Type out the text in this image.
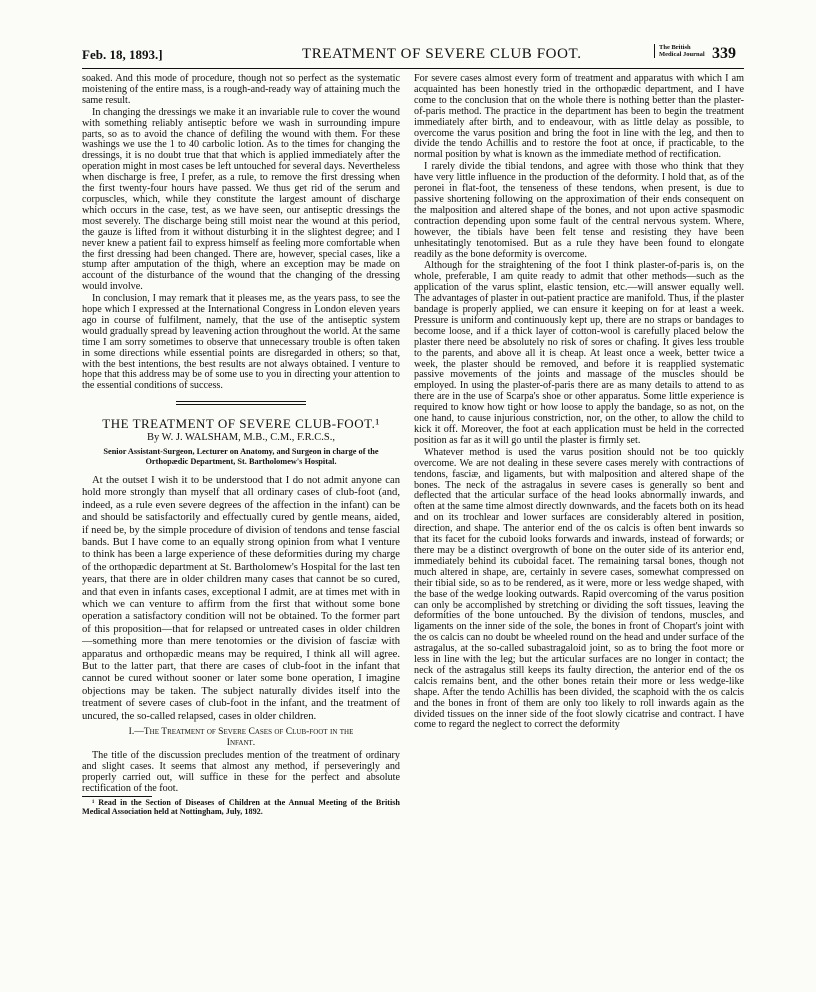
Feb. 18, 1893.]	TREATMENT OF SEVERE CLUB FOOT.	The British
Medical Journal 339

soaked. And this mode of procedure, though not so perfect as the systematic moistening of the entire mass, is a rough-and-ready way of attaining much the same result.

In changing the dressings we make it an invariable rule to cover the wound with something reliably antiseptic before we wash in surrounding impure parts, so as to avoid the chance of defiling the wound with them. For these washings we use the 1 to 40 carbolic lotion. As to the times for changing the dressings, it is no doubt true that that which is applied immediately after the operation might in most cases be left untouched for several days. Nevertheless when discharge is free, I prefer, as a rule, to remove the first dressing when the first twenty-four hours have passed. We thus get rid of the serum and corpuscles, which, while they constitute the largest amount of discharge which occurs in the case, test, as we have seen, our antiseptic dressings the most severely. The discharge being still moist near the wound at this period, the gauze is lifted from it without disturbing it in the slightest degree; and I never knew a patient fail to express himself as feeling more comfortable when the first dressing had been changed. There are, however, special cases, like a stump after amputation of the thigh, where an exception may be made on account of the disturbance of the wound that the changing of the dressing would involve.

In conclusion, I may remark that it pleases me, as the years pass, to see the hope which I expressed at the International Congress in London eleven years ago in course of fulfilment, namely, that the use of the antiseptic system would gradually spread by leavening action throughout the world. At the same time I am sorry sometimes to observe that unnecessary trouble is often taken in some directions while essential points are disregarded in others; so that, with the best intentions, the best results are not always obtained. I venture to hope that this address may be of some use to you in directing your attention to the essential conditions of success.

THE TREATMENT OF SEVERE CLUB-FOOT.¹
By W. J. WALSHAM, M.B., C.M., F.R.C.S.,
Senior Assistant-Surgeon, Lecturer on Anatomy, and Surgeon in charge of the Orthopædic Department, St. Bartholomew's Hospital.

At the outset I wish it to be understood that I do not admit anyone can hold more strongly than myself that all ordinary cases of club-foot (and, indeed, as a rule even severe degrees of the affection in the infant) can be and should be satisfactorily and effectually cured by gentle means, aided, if need be, by the simple procedure of division of tendons and tense fascial bands. But I have come to an equally strong opinion from what I venture to think has been a large experience of these deformities during my charge of the orthopædic department at St. Bartholomew's Hospital for the last ten years, that there are in older children many cases that cannot be so cured, and that even in infants cases, exceptional I admit, are at times met with in which we can venture to affirm from the first that without some bone operation a satisfactory condition will not be obtained. To the former part of this proposition—that for relapsed or untreated cases in older children—something more than mere tenotomies or the division of fasciæ with apparatus and orthopædic means may be required, I think all will agree. But to the latter part, that there are cases of club-foot in the infant that cannot be cured without sooner or later some bone operation, I imagine objections may be taken. The subject naturally divides itself into the treatment of severe cases of club-foot in the infant, and the treatment of uncured, the so-called relapsed, cases in older children.

I.—The Treatment of Severe Cases of Club-foot in the
Infant.

The title of the discussion precludes mention of the treatment of ordinary and slight cases. It seems that almost any method, if perseveringly and properly carried out, will suffice in these for the perfect and absolute rectification of the foot.

¹ Read in the Section of Diseases of Children at the Annual Meeting of the British Medical Association held at Nottingham, July, 1892.

For severe cases almost every form of treatment and apparatus with which I am acquainted has been honestly tried in the orthopædic department, and I have come to the conclusion that on the whole there is nothing better than the plaster-of-paris method. The practice in the department has been to begin the treatment immediately after birth, and to endeavour, with as little delay as possible, to overcome the varus position and bring the foot in line with the leg, and then to divide the tendo Achillis and to restore the foot at once, if practicable, to the normal position by what is known as the immediate method of rectification.

I rarely divide the tibial tendons, and agree with those who think that they have very little influence in the production of the deformity. I hold that, as of the peronei in flat-foot, the tenseness of these tendons, when present, is due to passive shortening following on the approximation of their ends consequent on the malposition and altered shape of the bones, and not upon active spasmodic contraction depending upon some fault of the central nervous system. Where, however, the tibials have been felt tense and resisting they have been unhesitatingly tenotomised. But as a rule they have been found to elongate readily as the bone deformity is overcome.

Although for the straightening of the foot I think plaster-of-paris is, on the whole, preferable, I am quite ready to admit that other methods—such as the application of the varus splint, elastic tension, etc.—will answer equally well. The advantages of plaster in out-patient practice are manifold. Thus, if the plaster bandage is properly applied, we can ensure it keeping on for at least a week. Pressure is uniform and continuously kept up, there are no straps or bandages to become loose, and if a thick layer of cotton-wool is carefully placed below the plaster there need be absolutely no risk of sores or chafing. It gives less trouble to the parents, and above all it is cheap. At least once a week, better twice a week, the plaster should be removed, and before it is reapplied systematic passive movements of the joints and massage of the muscles should be employed. In using the plaster-of-paris there are as many details to attend to as there are in the use of Scarpa's shoe or other apparatus. Some little experience is required to know how tight or how loose to apply the bandage, so as not, on the one hand, to cause injurious constriction, nor, on the other, to allow the child to kick it off. Moreover, the foot at each application must be held in the corrected position as far as it will go until the plaster is firmly set.

Whatever method is used the varus position should not be too quickly overcome. We are not dealing in these severe cases merely with contractions of tendons, fasciæ, and ligaments, but with malposition and altered shape of the bones. The neck of the astragalus in severe cases is generally so bent and deflected that the articular surface of the head looks abnormally inwards, and often at the same time almost directly downwards, and the facets both on its head and on its trochlear and lower surfaces are considerably altered in position, direction, and shape. The anterior end of the os calcis is often bent inwards so that its facet for the cuboid looks forwards and inwards, instead of forwards; or there may be a distinct overgrowth of bone on the outer side of its anterior end, immediately behind its cuboidal facet. The remaining tarsal bones, though not much altered in shape, are, certainly in severe cases, somewhat compressed on their tibial side, so as to be rendered, as it were, more or less wedge shaped, with the base of the wedge looking outwards. Rapid overcoming of the varus position can only be accomplished by stretching or dividing the soft tissues, leaving the deformities of the bone untouched. By the division of tendons, muscles, and ligaments on the inner side of the sole, the bones in front of Chopart's joint with the os calcis can no doubt be wheeled round on the head and under surface of the astragalus, at the so-called subastragaloid joint, so as to bring the foot more or less in line with the leg; but the articular surfaces are no longer in contact; the neck of the astragalus still keeps its faulty direction, the anterior end of the os calcis remains bent, and the other bones retain their more or less wedge-like shape. After the tendo Achillis has been divided, the scaphoid with the os calcis and the bones in front of them are only too likely to roll inwards again as the divided tissues on the inner side of the foot slowly cicatrise and contract. I have come to regard the neglect to correct the deformity
